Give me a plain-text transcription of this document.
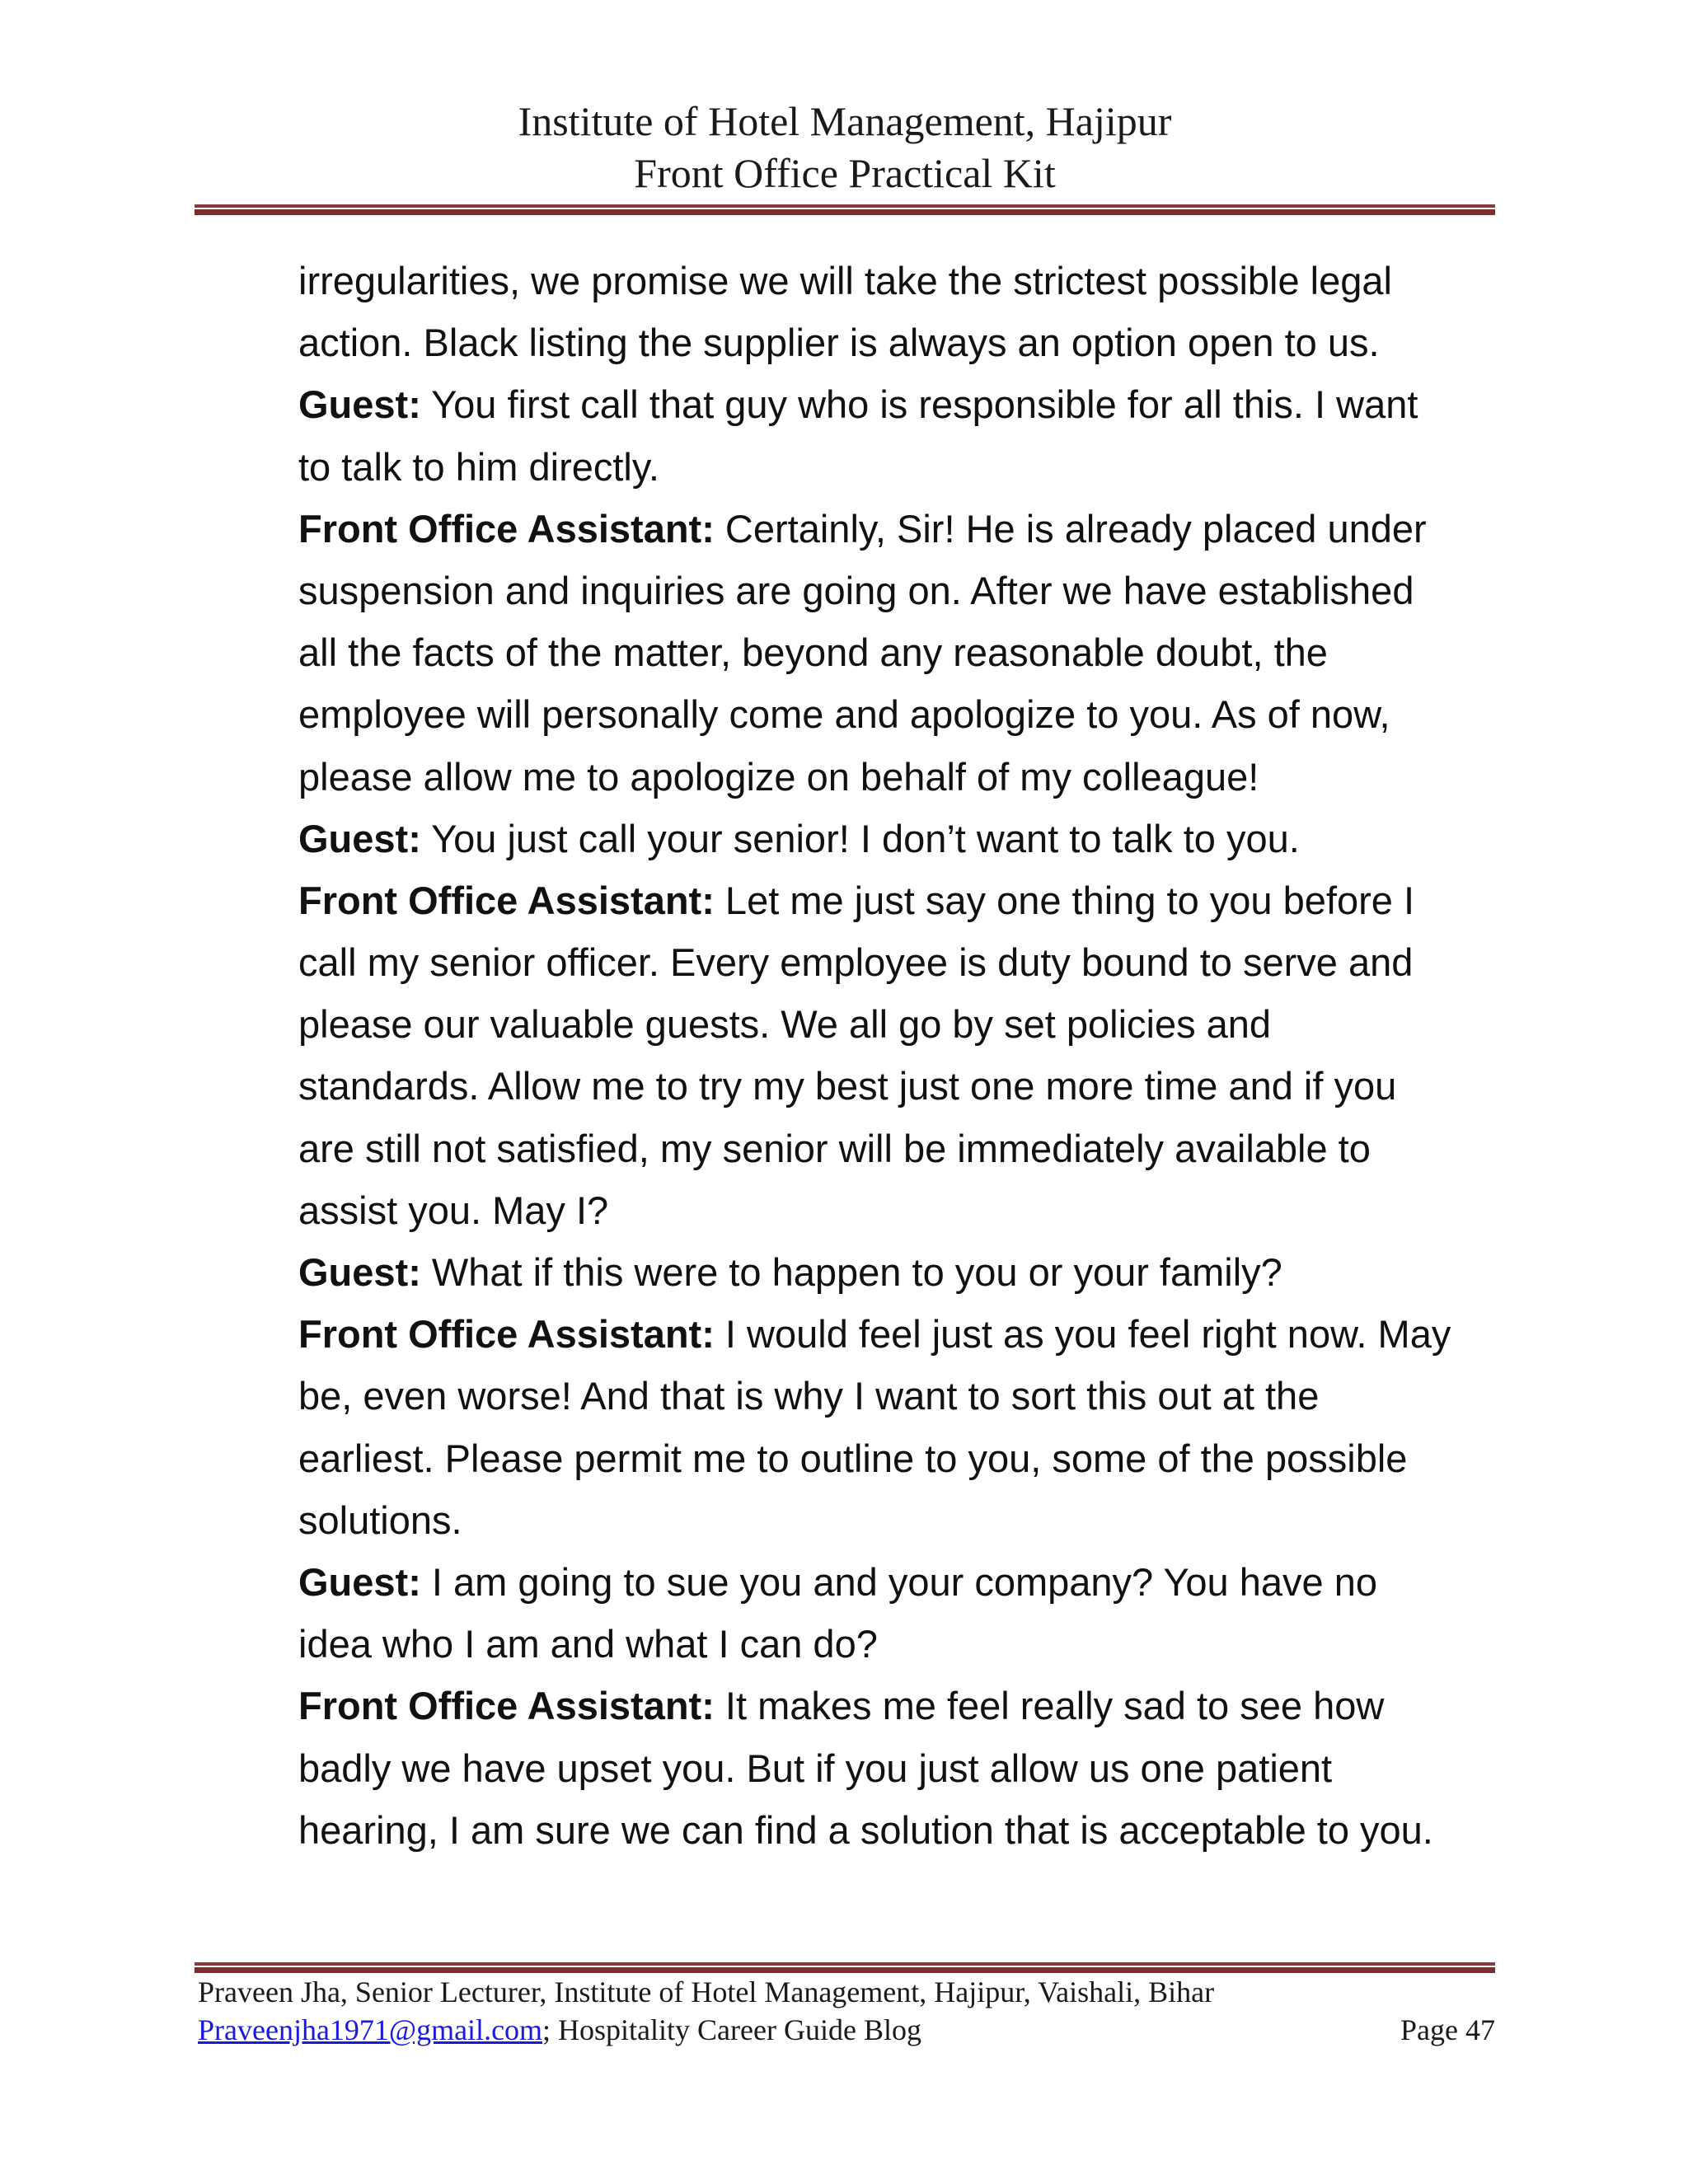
Institute of Hotel Management, Hajipur
Front Office Practical Kit
irregularities, we promise we will take the strictest possible legal
action. Black listing the supplier is always an option open to us.
Guest: You first call that guy who is responsible for all this. I want
to talk to him directly.
Front Office Assistant: Certainly, Sir! He is already placed under
suspension and inquiries are going on. After we have established
all the facts of the matter, beyond any reasonable doubt, the
employee will personally come and apologize to you. As of now,
please allow me to apologize on behalf of my colleague!
Guest: You just call your senior! I don’t want to talk to you.
Front Office Assistant: Let me just say one thing to you before I
call my senior officer. Every employee is duty bound to serve and
please our valuable guests. We all go by set policies and
standards. Allow me to try my best just one more time and if you
are still not satisfied, my senior will be immediately available to
assist you. May I?
Guest: What if this were to happen to you or your family?
Front Office Assistant: I would feel just as you feel right now. May
be, even worse! And that is why I want to sort this out at the
earliest. Please permit me to outline to you, some of the possible
solutions.
Guest: I am going to sue you and your company? You have no
idea who I am and what I can do?
Front Office Assistant: It makes me feel really sad to see how
badly we have upset you. But if you just allow us one patient
hearing, I am sure we can find a solution that is acceptable to you.
Praveen Jha, Senior Lecturer, Institute of Hotel Management, Hajipur, Vaishali, Bihar
Praveenjha1971@gmail.com; Hospitality Career Guide Blog	Page 47
